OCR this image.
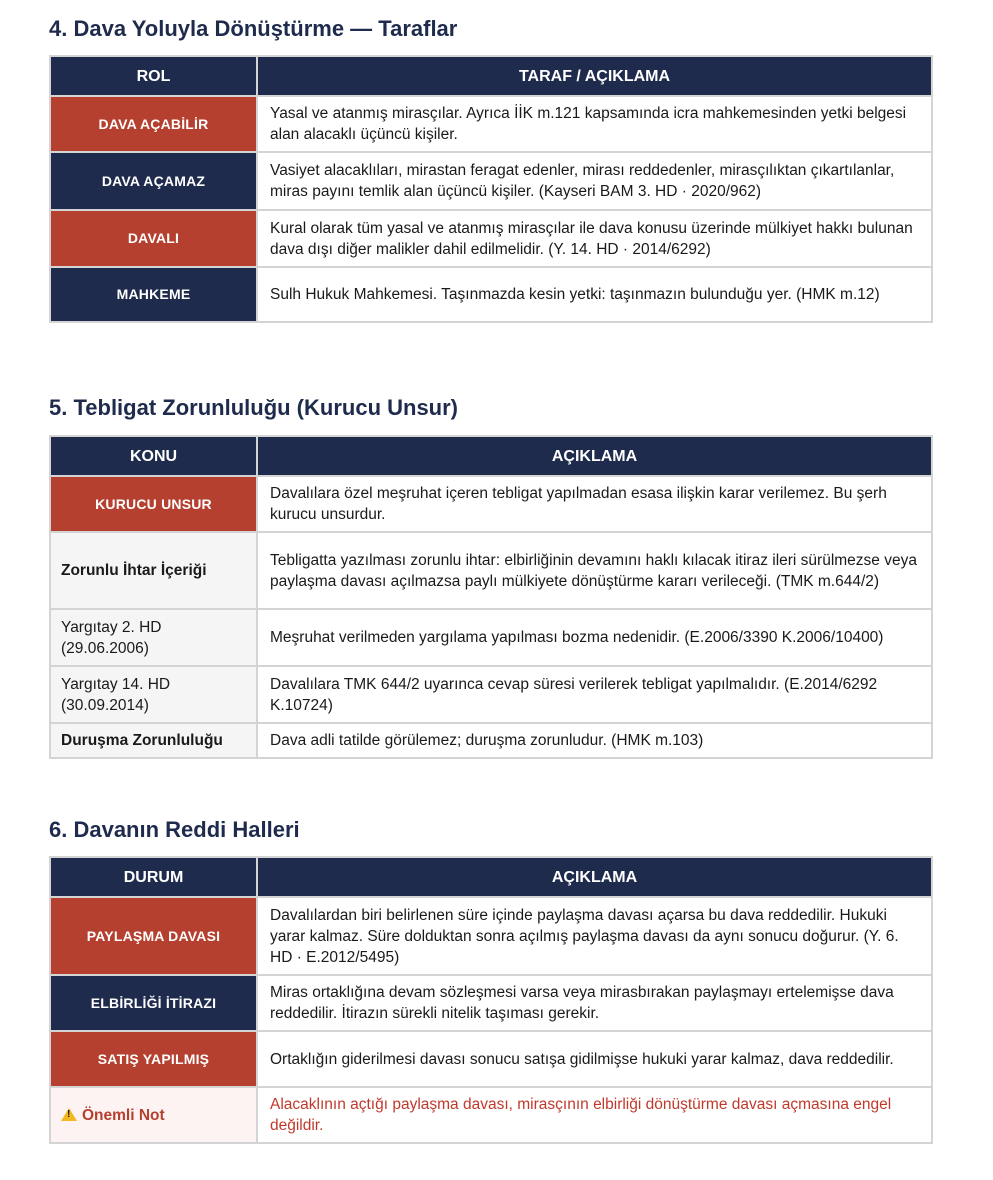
4. Dava Yoluyla Dönüştürme — Taraflar
ROL	TARAF / AÇIKLAMA
DAVA AÇABİLİR	Yasal ve atanmış mirasçılar. Ayrıca İİK m.121 kapsamında icra mahkemesinden yetki belgesi alan alacaklı üçüncü kişiler.
DAVA AÇAMAZ	Vasiyet alacaklıları, mirastan feragat edenler, mirası reddedenler, mirasçılıktan çıkartılanlar, miras payını temlik alan üçüncü kişiler. (Kayseri BAM 3. HD · 2020/962)
DAVALI	Kural olarak tüm yasal ve atanmış mirasçılar ile dava konusu üzerinde mülkiyet hakkı bulunan dava dışı diğer malikler dahil edilmelidir. (Y. 14. HD · 2014/6292)
MAHKEME	Sulh Hukuk Mahkemesi. Taşınmazda kesin yetki: taşınmazın bulunduğu yer. (HMK m.12)
5. Tebligat Zorunluluğu (Kurucu Unsur)
KONU	AÇIKLAMA
KURUCU UNSUR	Davalılara özel meşruhat içeren tebligat yapılmadan esasa ilişkin karar verilemez. Bu şerh kurucu unsurdur.
Zorunlu İhtar İçeriği	Tebligatta yazılması zorunlu ihtar: elbirliğinin devamını haklı kılacak itiraz ileri sürülmezse veya paylaşma davası açılmazsa paylı mülkiyete dönüştürme kararı verileceği. (TMK m.644/2)
Yargıtay 2. HD (29.06.2006)	Meşruhat verilmeden yargılama yapılması bozma nedenidir. (E.2006/3390 K.2006/10400)
Yargıtay 14. HD (30.09.2014)	Davalılara TMK 644/2 uyarınca cevap süresi verilerek tebligat yapılmalıdır. (E.2014/6292 K.10724)
Duruşma Zorunluluğu	Dava adli tatilde görülemez; duruşma zorunludur. (HMK m.103)
6. Davanın Reddi Halleri
DURUM	AÇIKLAMA
PAYLAŞMA DAVASI	Davalılardan biri belirlenen süre içinde paylaşma davası açarsa bu dava reddedilir. Hukuki yarar kalmaz. Süre dolduktan sonra açılmış paylaşma davası da aynı sonucu doğurur. (Y. 6. HD · E.2012/5495)
ELBİRLİĞİ İTİRAZI	Miras ortaklığına devam sözleşmesi varsa veya mirasbırakan paylaşmayı ertelemişse dava reddedilir. İtirazın sürekli nitelik taşıması gerekir.
SATIŞ YAPILMIŞ	Ortaklığın giderilmesi davası sonucu satışa gidilmişse hukuki yarar kalmaz, dava reddedilir.
!Önemli Not	Alacaklının açtığı paylaşma davası, mirasçının elbirliği dönüştürme davası açmasına engel değildir.
